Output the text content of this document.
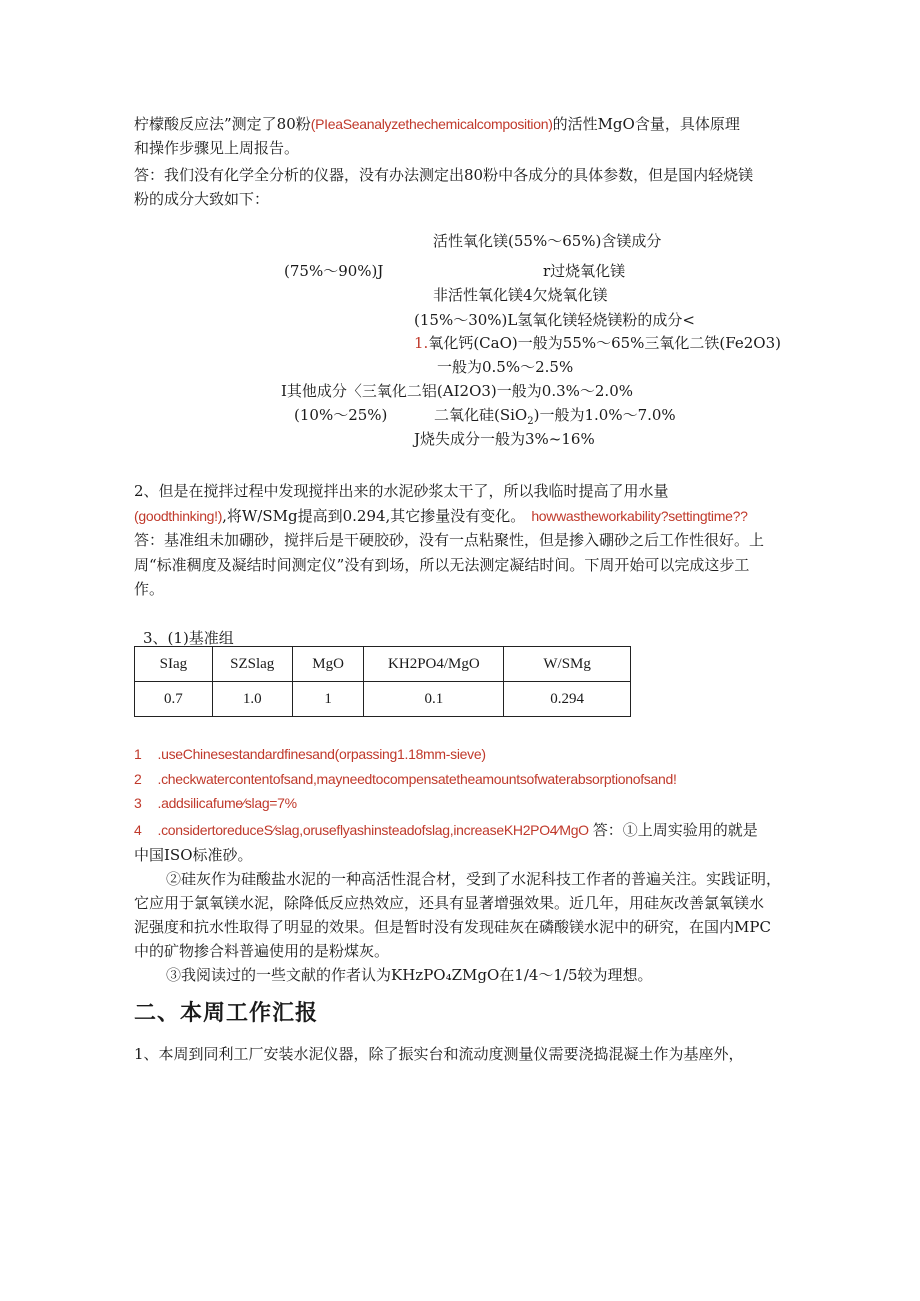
柠檬酸反应法”测定了80粉(PIeaSeanalyzethechemicalcomposition)的活性MgO含量，具体原理
和操作步骤见上周报告。
答：我们没有化学全分析的仪器，没有办法测定出80粉中各成分的具体参数，但是国内轻烧镁
粉的成分大致如下：
活性氧化镁(55%～65%)含镁成分
(75%～90%)J	r过烧氧化镁
非活性氧化镁4欠烧氧化镁
(15%～30%)L氢氧化镁轻烧镁粉的成分<
1.氧化钙(CaO)一般为55%～65%三氧化二铁(Fe2O3)
一般为0.5%～2.5%
I其他成分〈三氧化二铝(AI2O3)一般为0.3%～2.0%
(10%～25%)	二氧化硅(SiO$_2$)一般为1.0%～7.0%
J烧失成分一般为3%~16%
2、但是在搅拌过程中发现搅拌出来的水泥砂浆太干了，所以我临时提高了用水量
(goodthinking!),将W/SMg提高到0.294,其它掺量没有变化。 howwastheworkability?settingtime??
答：基准组未加硼砂，搅拌后是干硬胶砂，没有一点粘聚性，但是掺入硼砂之后工作性很好。上
周“标准稠度及凝结时间测定仪”没有到场，所以无法测定凝结时间。下周开始可以完成这步工
作。
3、(1)基准组
SIag	SZSlag	MgO	KH2PO4/MgO	W/SMg
0.7	1.0	1	0.1	0.294
1 .useChinesestandardfinesand(orpassing1.18mm-sieve)
2 .checkwatercontentofsand,mayneedtocompensatetheamountsofwaterabsorptionofsand!
3 .addsilicafume⁄slag=7%
4 .considertoreduceS⁄slag,oruseflyashinsteadofslag,increaseKH2PO4⁄MgO 答：①上周实验用的就是
中国ISO标准砂。
②硅灰作为硅酸盐水泥的一种高活性混合材，受到了水泥科技工作者的普遍关注。实践证明，
它应用于氯氧镁水泥，除降低反应热效应，还具有显著增强效果。近几年，用硅灰改善氯氧镁水
泥强度和抗水性取得了明显的效果。但是暂时没有发现硅灰在磷酸镁水泥中的研究，在国内MPC
中的矿物掺合料普遍使用的是粉煤灰。
③我阅读过的一些文献的作者认为KHzPO₄ZMgO在1/4～1/5较为理想。
二、本周工作汇报
1、本周到同利工厂安装水泥仪器，除了振实台和流动度测量仪需要浇捣混凝土作为基座外，
